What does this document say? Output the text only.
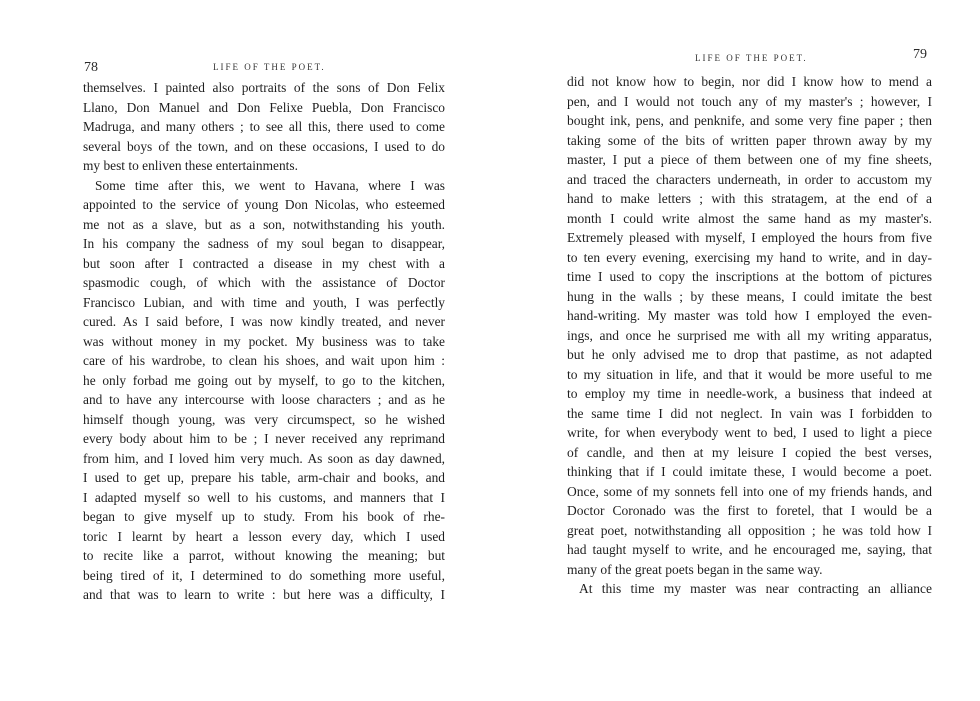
78	LIFE OF THE POET.
themselves. I painted also portraits of the sons of Don Felix
Llano, Don Manuel and Don Felixe Puebla, Don Francisco
Madruga, and many others ; to see all this, there used to come
several boys of the town, and on these occasions, I used to do
my best to enliven these entertainments.
Some time after this, we went to Havana, where I was
appointed to the service of young Don Nicolas, who esteemed
me not as a slave, but as a son, notwithstanding his youth.
In his company the sadness of my soul began to disappear,
but soon after I contracted a disease in my chest with a
spasmodic cough, of which with the assistance of Doctor
Francisco Lubian, and with time and youth, I was perfectly
cured. As I said before, I was now kindly treated, and never
was without money in my pocket. My business was to take
care of his wardrobe, to clean his shoes, and wait upon him :
he only forbad me going out by myself, to go to the kitchen,
and to have any intercourse with loose characters ; and as he
himself though young, was very circumspect, so he wished
every body about him to be ; I never received any reprimand
from him, and I loved him very much. As soon as day dawned,
I used to get up, prepare his table, arm-chair and books, and
I adapted myself so well to his customs, and manners that I
began to give myself up to study. From his book of rhe-
toric I learnt by heart a lesson every day, which I used
to recite like a parrot, without knowing the meaning; but
being tired of it, I determined to do something more useful,
and that was to learn to write : but here was a difficulty, I
LIFE OF THE POET.	79
did not know how to begin, nor did I know how to mend a
pen, and I would not touch any of my master's ; however, I
bought ink, pens, and penknife, and some very fine paper ; then
taking some of the bits of written paper thrown away by my
master, I put a piece of them between one of my fine sheets,
and traced the characters underneath, in order to accustom my
hand to make letters ; with this stratagem, at the end of a
month I could write almost the same hand as my master's.
Extremely pleased with myself, I employed the hours from five
to ten every evening, exercising my hand to write, and in day-
time I used to copy the inscriptions at the bottom of pictures
hung in the walls ; by these means, I could imitate the best
hand-writing. My master was told how I employed the even-
ings, and once he surprised me with all my writing apparatus,
but he only advised me to drop that pastime, as not adapted
to my situation in life, and that it would be more useful to me
to employ my time in needle-work, a business that indeed at
the same time I did not neglect. In vain was I forbidden to
write, for when everybody went to bed, I used to light a piece
of candle, and then at my leisure I copied the best verses,
thinking that if I could imitate these, I would become a poet.
Once, some of my sonnets fell into one of my friends hands, and
Doctor Coronado was the first to foretel, that I would be a
great poet, notwithstanding all opposition ; he was told how I
had taught myself to write, and he encouraged me, saying, that
many of the great poets began in the same way.
At this time my master was near contracting an alliance
